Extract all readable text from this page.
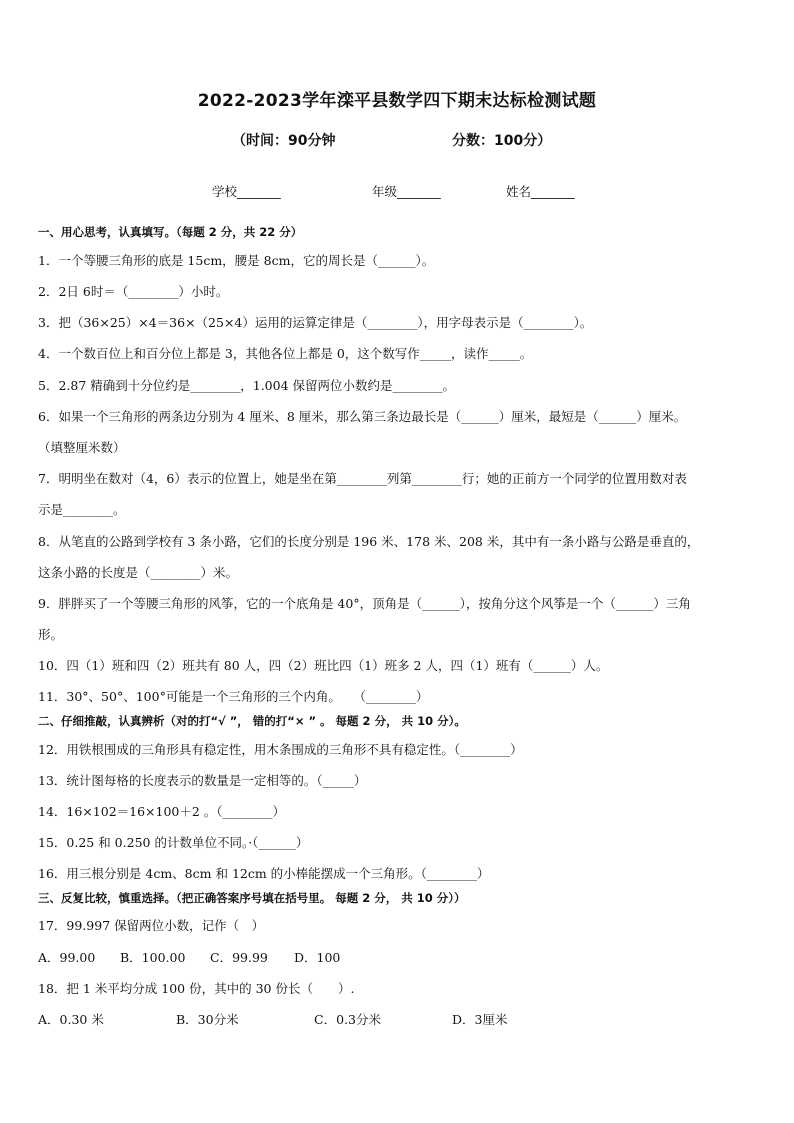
2022-2023学年滦平县数学四下期末达标检测试题
（时间：90分钟	分数：100分）
学校_______	年级_______	姓名_______
一、用心思考，认真填写。（每题 2 分，共 22 分）
1．一个等腰三角形的底是 15cm，腰是 8cm，它的周长是（______）。
2．2日 6时＝（________）小时。
3．把（36×25）×4＝36×（25×4）运用的运算定律是（________），用字母表示是（________）。
4．一个数百位上和百分位上都是 3，其他各位上都是 0，这个数写作_____，读作_____。
5．2.87 精确到十分位约是________，1.004 保留两位小数约是________。
6．如果一个三角形的两条边分别为 4 厘米、8 厘米，那么第三条边最长是（______）厘米，最短是（______）厘米。
（填整厘米数）
7．明明坐在数对（4，6）表示的位置上，她是坐在第________列第________行；她的正前方一个同学的位置用数对表
示是________。
8．从笔直的公路到学校有 3 条小路，它们的长度分别是 196 米、178 米、208 米，其中有一条小路与公路是垂直的，
这条小路的长度是（________）米。
9．胖胖买了一个等腰三角形的风筝，它的一个底角是 40°，顶角是（______），按角分这个风筝是一个（______）三角
形。
10．四（1）班和四（2）班共有 80 人，四（2）班比四（1）班多 2 人，四（1）班有（______）人。
11．30°、50°、100°可能是一个三角形的三个内角。　　（________）
二、仔细推敲，认真辨析（对的打“√ ”， 错的打“× ” 。 每题 2 分， 共 10 分）。
12．用铁根围成的三角形具有稳定性，用木条围成的三角形不具有稳定性。（________）
13．统计图每格的长度表示的数量是一定相等的。（_____）
14．16×102＝16×100＋2 。（________）
15．0.25 和 0.250 的计数单位不同。·（______）
16．用三根分别是 4cm、8cm 和 12cm 的小棒能摆成一个三角形。（________）
三、反复比较，慎重选择。（把正确答案序号填在括号里。 每题 2 分， 共 10 分））
17．99.997 保留两位小数，记作（　）
A．99.00 B．100.00 C．99.99 D．100
18．把 1 米平均分成 100 份，其中的 30 份长（　　）.
A．0.30 米	B．30分米	C．0.3分米	D．3厘米
